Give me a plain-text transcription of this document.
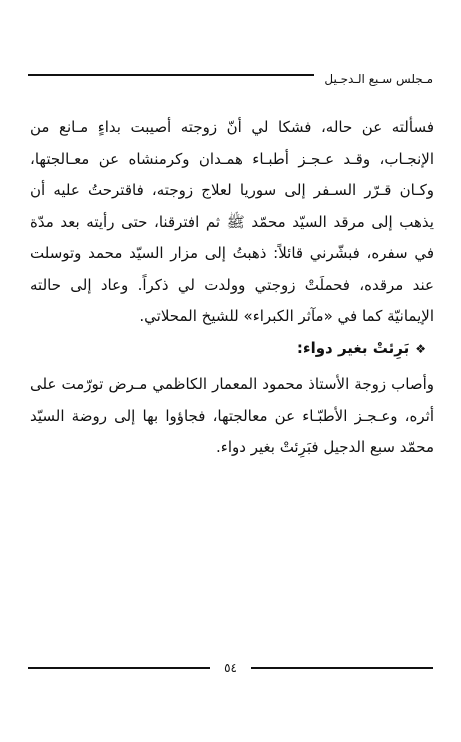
مـجلس سـبع الـدجـيل

فسألته عن حاله، فشكا لي أنّ زوجته أصيبت بداءٍ مـانع من الإنجـاب، وقـد عـجـز أطبـاء همـدان وكرمنشاه عن معـالجتها، وكـان قـرّر السـفر إلى سوريا لعلاج زوجته، فاقترحتُ عليه أن يذهب إلى مرقد السيّد محمّد ﷺ ثم افترقنا، حتى رأيته بعد مدّة في سفره، فبشّرني قائلاً: ذهبتُ إلى مزار السيّد محمد وتوسلت عند مرقده، فحملَتْ زوجتي وولدت لي ذكراً. وعاد إلى حالته الإيمانيّة كما في «مآثر الكبراء» للشيخ المحلاتي.

❖بَرِئتْ بغير دواء:

وأصاب زوجة الأستاذ محمود المعمار الكاظمي مـرض تورّمت على أثره، وعـجـز الأطبّـاء عن معالجتها، فجاؤوا بها إلى روضة السيّد محمّد سبع الدجيل فبَرِئتْ بغير دواء.

٥٤
